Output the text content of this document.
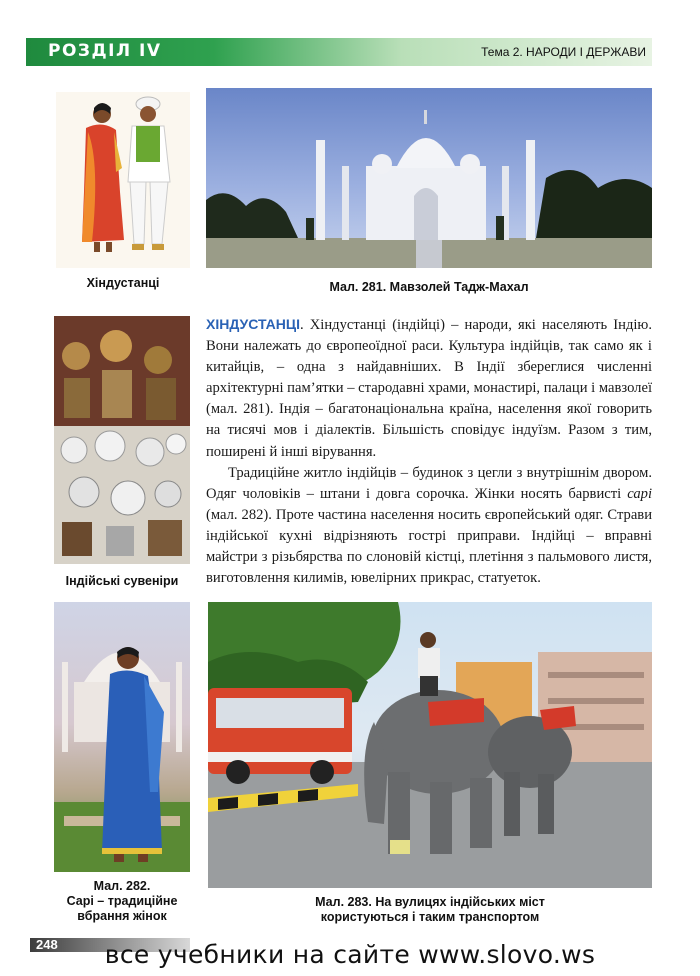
РОЗДІЛ IV	Тема 2. НАРОДИ І ДЕРЖАВИ
Хіндустанці	Мал. 281. Мавзолей Тадж-Махал
Індійські сувеніри

ХІНДУСТАНЦІ. Хіндустанці (індійці) – народи, які населяють Індію. Вони належать до європеоїдної раси. Культура індійців, так само як і китайців, – одна з найдавніших. В Індії збереглися численні архітектурні пам’ятки – стародавні храми, монастирі, палаци і мавзолеї (мал. 281). Індія – багатонаціональна країна, населення якої говорить на тисячі мов і діалектів. Більшість сповідує індуїзм. Разом з тим, поширені й інші вірування.

Традиційне житло індійців – будинок з цегли з внутрішнім двором. Одяг чоловіків – штани і довга сорочка. Жінки носять барвисті сарі (мал. 282). Проте частина населення носить європейський одяг. Страви індійської кухні відрізняють гострі приправи. Індійці – вправні майстри з різьбярства по слоновій кістці, плетіння з пальмового листя, виготовлення килимів, ювелірних прикрас, статуеток.

Мал. 282.
Сарі – традиційне
вбрання жінок
Мал. 283. На вулицях індійських міст
користуються і таким транспортом
248	все учебники на сайте www.slovo.ws
